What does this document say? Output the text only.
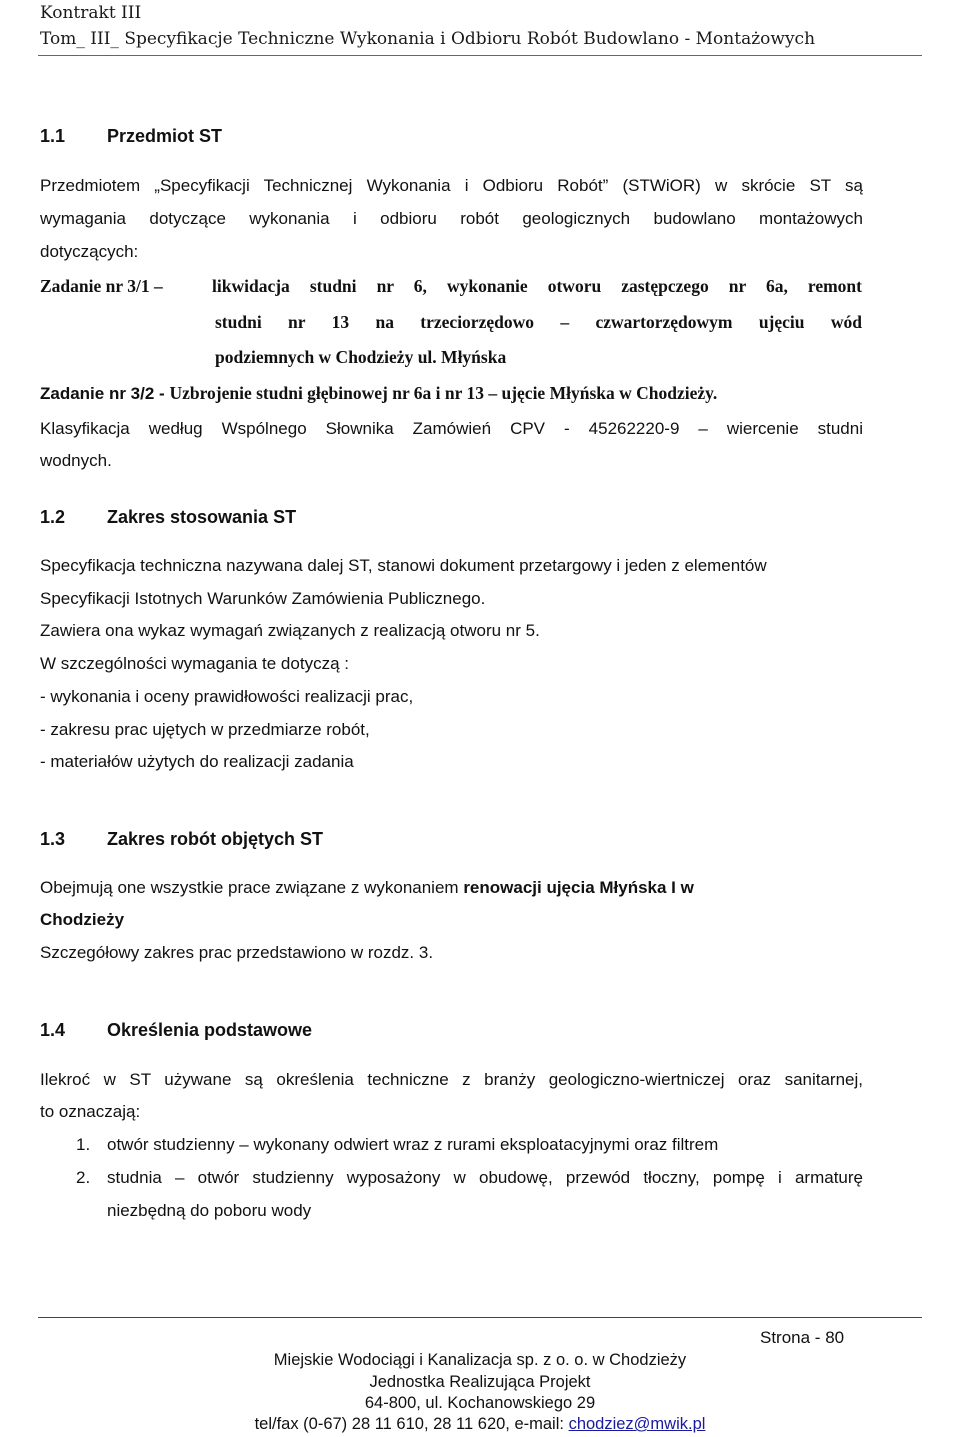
Kontrakt III
Tom_ III_ Specyfikacje Techniczne Wykonania i Odbioru Robót Budowlano - Montażowych
1.1 Przedmiot ST
Przedmiotem „Specyfikacji Technicznej Wykonania i Odbioru Robót” (STWiOR) w skrócie ST są
wymagania dotyczące wykonania i odbioru robót geologicznych budowlano montażowych
dotyczących:
Zadanie nr 3/1 –	likwidacja studni nr 6, wykonanie otworu zastępczego nr 6a, remont
studni nr 13 na trzeciorzędowo – czwartorzędowym ujęciu wód
podziemnych w Chodzieży ul. Młyńska
Zadanie nr 3/2 - Uzbrojenie studni głębinowej nr 6a i nr 13 – ujęcie Młyńska w Chodzieży.
Klasyfikacja według Wspólnego Słownika Zamówień CPV - 45262220-9 – wiercenie studni
wodnych.
1.2 Zakres stosowania ST
Specyfikacja techniczna nazywana dalej ST, stanowi dokument przetargowy i jeden z elementów
Specyfikacji Istotnych Warunków Zamówienia Publicznego.
Zawiera ona wykaz wymagań związanych z realizacją otworu nr 5.
W szczególności wymagania te dotyczą :
- wykonania i oceny prawidłowości realizacji prac,
- zakresu prac ujętych w przedmiarze robót,
- materiałów użytych do realizacji zadania
1.3 Zakres robót objętych ST
Obejmują one wszystkie prace związane z wykonaniem renowacji ujęcia Młyńska I w
Chodzieży
Szczegółowy zakres prac przedstawiono w rozdz. 3.
1.4 Określenia podstawowe
Ilekroć w ST używane są określenia techniczne z branży geologiczno-wiertniczej oraz sanitarnej,
to oznaczają:
1. otwór studzienny – wykonany odwiert wraz z rurami eksploatacyjnymi oraz filtrem
2. studnia – otwór studzienny wyposażony w obudowę, przewód tłoczny, pompę i armaturę
niezbędną do poboru wody
Strona - 80
Miejskie Wodociągi i Kanalizacja sp. z o. o. w Chodzieży
Jednostka Realizująca Projekt
64-800, ul. Kochanowskiego 29
tel/fax (0-67) 28 11 610, 28 11 620, e-mail: chodziez@mwik.pl
